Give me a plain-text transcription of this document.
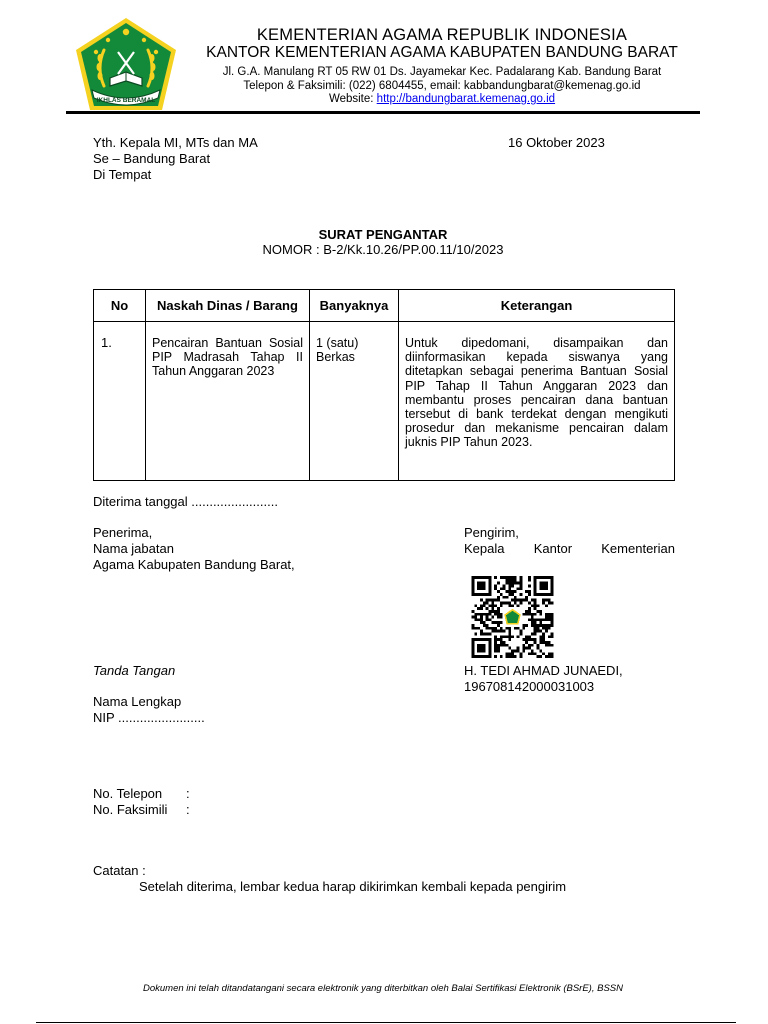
IKHLAS BERAMAL
KEMENTERIAN AGAMA REPUBLIK INDONESIA
KANTOR KEMENTERIAN AGAMA KABUPATEN BANDUNG BARAT
Jl. G.A. Manulang RT 05 RW 01 Ds. Jayamekar Kec. Padalarang Kab. Bandung Barat
Telepon & Faksimili: (022) 6804455, email: kabbandungbarat@kemenag.go.id
Website: http://bandungbarat.kemenag.go.id
Yth. Kepala MI, MTs dan MA
Se – Bandung Barat
Di Tempat
16 Oktober 2023
SURAT PENGANTAR
NOMOR : B-2/Kk.10.26/PP.00.11/10/2023
No	Naskah Dinas / Barang	Banyaknya	Keterangan
1.	Pencairan Bantuan Sosial PIP Madrasah Tahap II Tahun Anggaran 2023	1 (satu) Berkas	Untuk dipedomani, disampaikan dan diinformasikan kepada siswanya yang ditetapkan sebagai penerima Bantuan Sosial PIP Tahap II Tahun Anggaran 2023 dan membantu proses pencairan dana bantuan tersebut di bank terdekat dengan mengikuti prosedur dan mekanisme pencairan dalam juknis PIP Tahun 2023.
Diterima tanggal ........................
Penerima,
Nama jabatan
Agama Kabupaten Bandung Barat,
Pengirim,
Kepala Kantor Kementerian
Tanda Tangan	H. TEDI AHMAD JUNAEDI,
196708142000031003
Nama Lengkap
NIP ........................
No. Telepon :
No. Faksimili :
Catatan :
Setelah diterima, lembar kedua harap dikirimkan kembali kepada pengirim
Dokumen ini telah ditandatangani secara elektronik yang diterbitkan oleh Balai Sertifikasi Elektronik (BSrE), BSSN
